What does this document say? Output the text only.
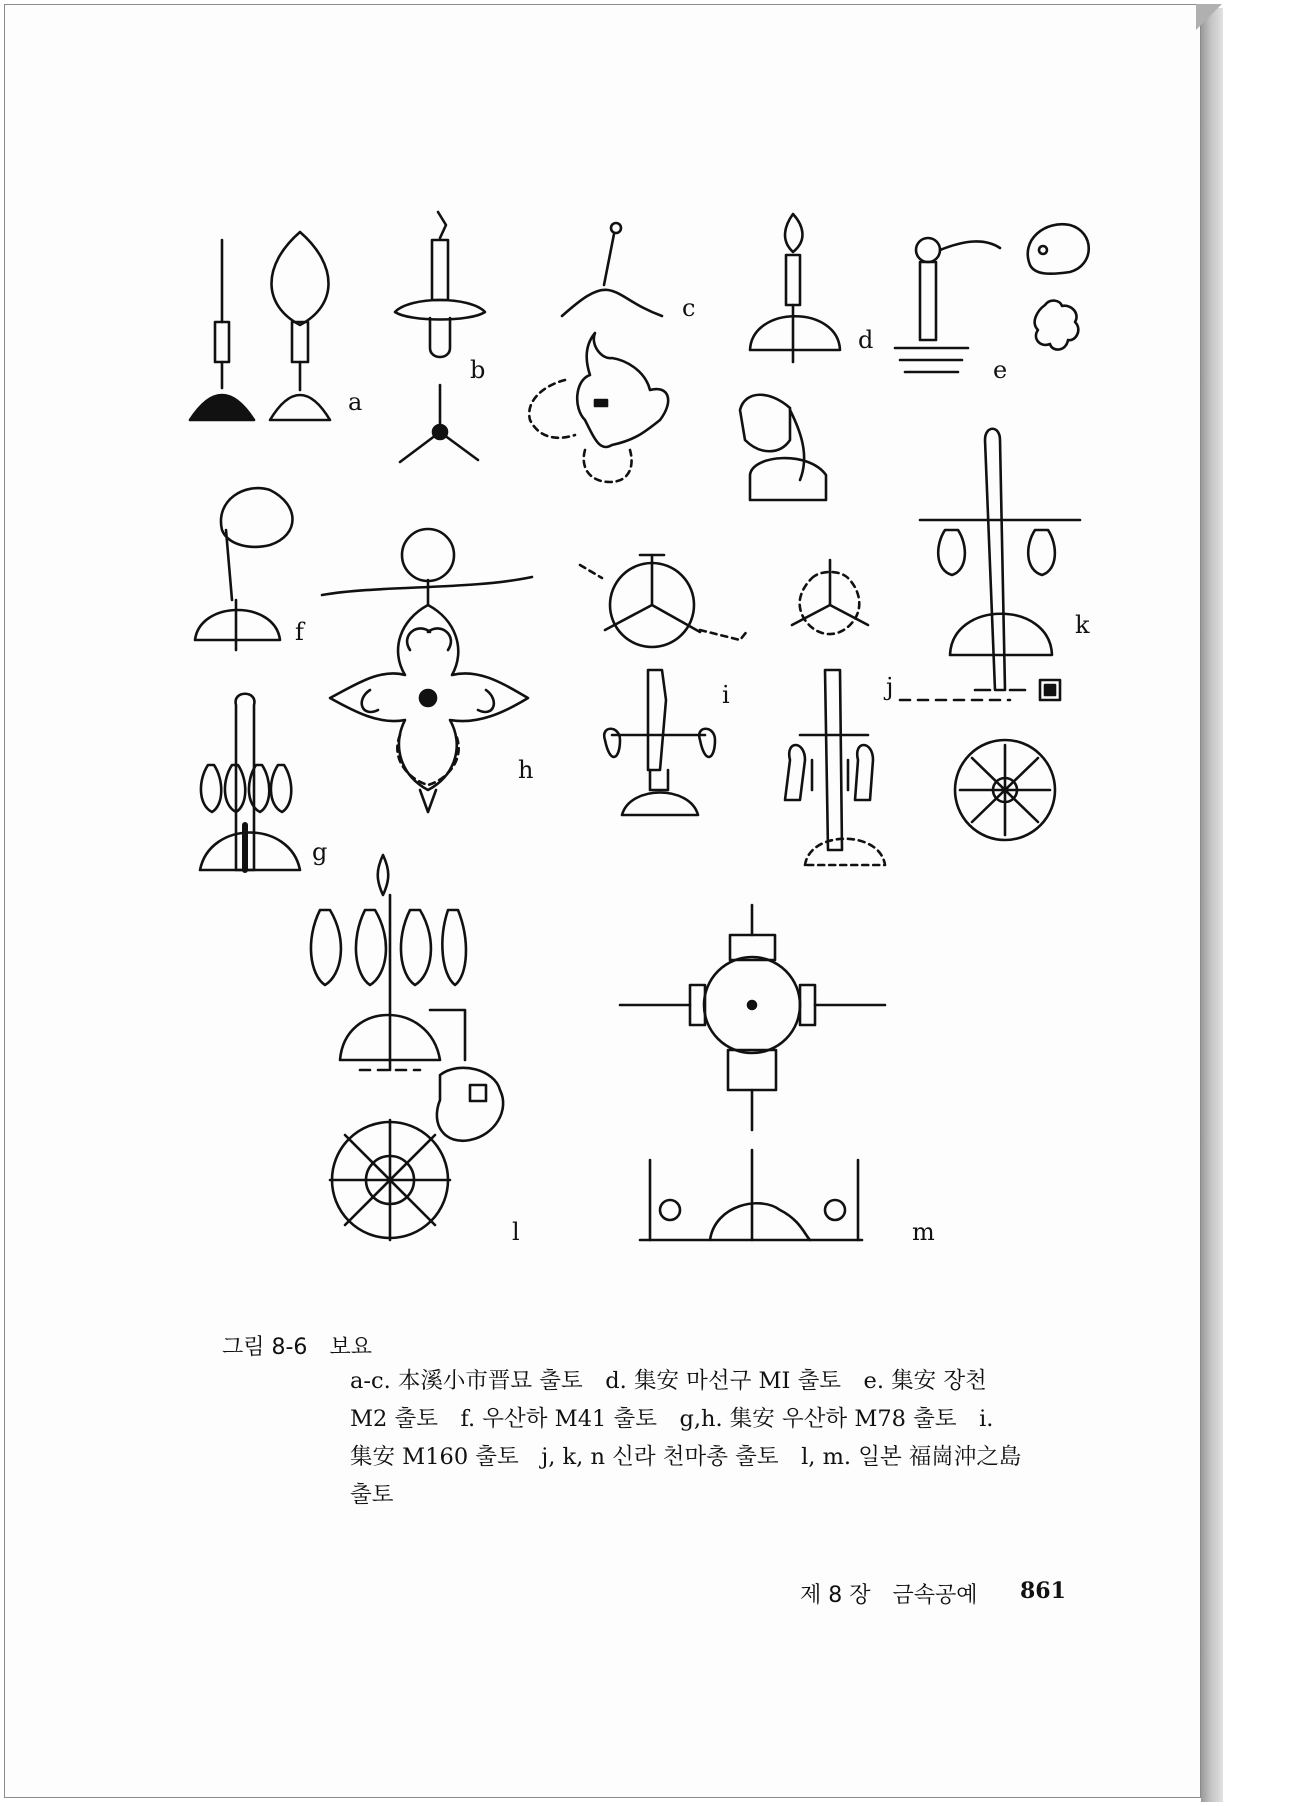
a
b
c
d
e
f
g
h
i	j
k
l	m
그림 8-6 보요
a-c. 本溪小市晋묘 출토　d. 集安 마선구 MI 출토　e. 集安 장천
M2 출토　f. 우산하 M41 출토　g,h. 集安 우산하 M78 출토　i.
集安 M160 출토　j, k, n 신라 천마총 출토　l, m. 일본 福崗沖之島
출토
제 8 장　금속공예 861
